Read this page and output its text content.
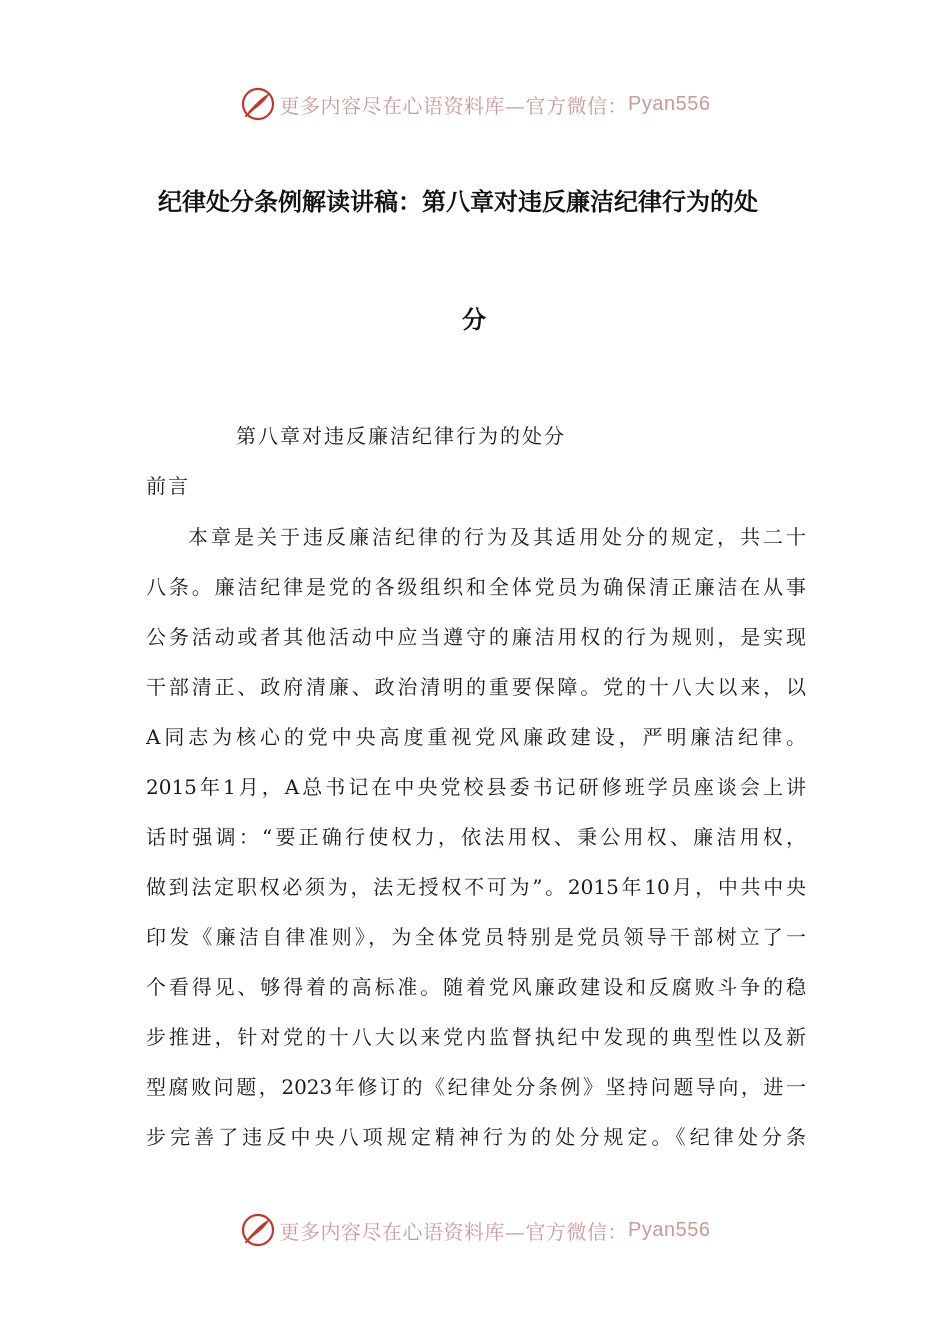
更多内容尽在心语资料库—官方微信： Pyan556
纪律处分条例解读讲稿：第八章对违反廉洁纪律行为的处
分
第八章对违反廉洁纪律行为的处分
前言
本章是关于违反廉洁纪律的行为及其适用处分的规定，共二十
八条。廉洁纪律是党的各级组织和全体党员为确保清正廉洁在从事
公务活动或者其他活动中应当遵守的廉洁用权的行为规则，是实现
干部清正、政府清廉、政治清明的重要保障。党的十八大以来，以
A同志为核心的党中央高度重视党风廉政建设，严明廉洁纪律。
2015年1月，A总书记在中央党校县委书记研修班学员座谈会上讲
话时强调：“要正确行使权力，依法用权、秉公用权、廉洁用权，
做到法定职权必须为，法无授权不可为”。2015年10月，中共中央
印发《廉洁自律准则》，为全体党员特别是党员领导干部树立了一
个看得见、够得着的高标准。随着党风廉政建设和反腐败斗争的稳
步推进，针对党的十八大以来党内监督执纪中发现的典型性以及新
型腐败问题，2023年修订的《纪律处分条例》坚持问题导向，进一
步完善了违反中央八项规定精神行为的处分规定。《纪律处分条
更多内容尽在心语资料库—官方微信： Pyan556
